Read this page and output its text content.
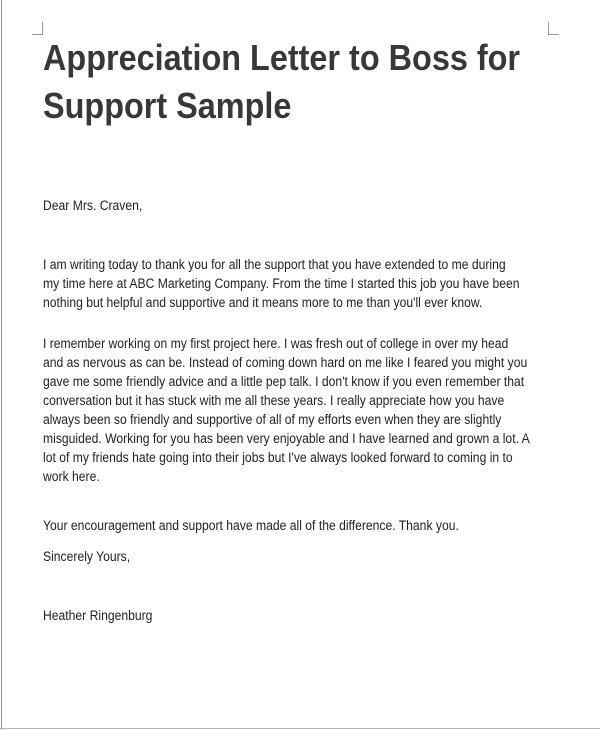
Appreciation Letter to Boss for
Support Sample

Dear Mrs. Craven,

I am writing today to thank you for all the support that you have extended to me during
my time here at ABC Marketing Company. From the time I started this job you have been
nothing but helpful and supportive and it means more to me than you'll ever know.

I remember working on my first project here. I was fresh out of college in over my head
and as nervous as can be. Instead of coming down hard on me like I feared you might you
gave me some friendly advice and a little pep talk. I don't know if you even remember that
conversation but it has stuck with me all these years. I really appreciate how you have
always been so friendly and supportive of all of my efforts even when they are slightly
misguided. Working for you has been very enjoyable and I have learned and grown a lot. A
lot of my friends hate going into their jobs but I've always looked forward to coming in to
work here.

Your encouragement and support have made all of the difference. Thank you.

Sincerely Yours,

Heather Ringenburg
